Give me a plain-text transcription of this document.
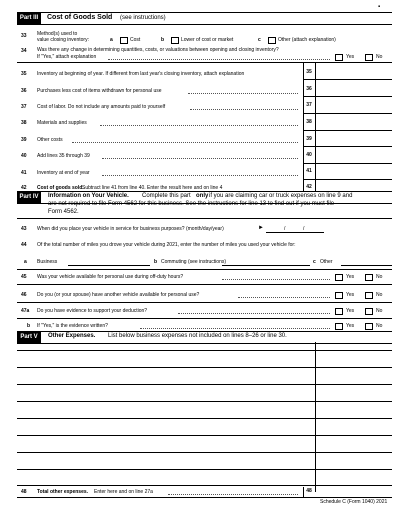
▪
Part III	Cost of Goods Sold (see instructions)
33 Method(s) used to
value closing inventory:	a	Cost	b	Lower of cost or market	c	Other (attach explanation)
34 Was there any change in determining quantities, costs, or valuations between opening and closing inventory?
If "Yes," attach explanation	Yes	No
35 Inventory at beginning of year. If different from last year's closing inventory, attach explanation	35
36 Purchases less cost of items withdrawn for personal use	36
37 Cost of labor. Do not include any amounts paid to yourself	37
38 Materials and supplies	38
39 Other costs	39
40 Add lines 35 through 39	40
41 Inventory at end of year	41
42 Cost of goods sold.
Subtract line 41 from line 40. Enter the result here and on line 4	42
Part IV	Information on Your Vehicle. Complete this part only if you are claiming car or truck expenses on line 9 and
are not required to file Form 4562 for this business. See the instructions for line 13 to find out if you must file
Form 4562.
43 When did you place your vehicle in service for business purposes? (month/day/year)	►	/	/
44 Of the total number of miles you drove your vehicle during 2021, enter the number of miles you used your vehicle for:
a Business	b Commuting (see instructions)	c Other
45 Was your vehicle available for personal use during off-duty hours?	Yes	No
46 Do you (or your spouse) have another vehicle available for personal use?	Yes	No
47a Do you have evidence to support your deduction?	Yes	No
b If "Yes," is the evidence written?	Yes	No
Part V	Other Expenses. List below business expenses not included on lines 8–26 or line 30.
48 Total other expenses. Enter here and on line 27a	48
Schedule C (Form 1040) 2021
